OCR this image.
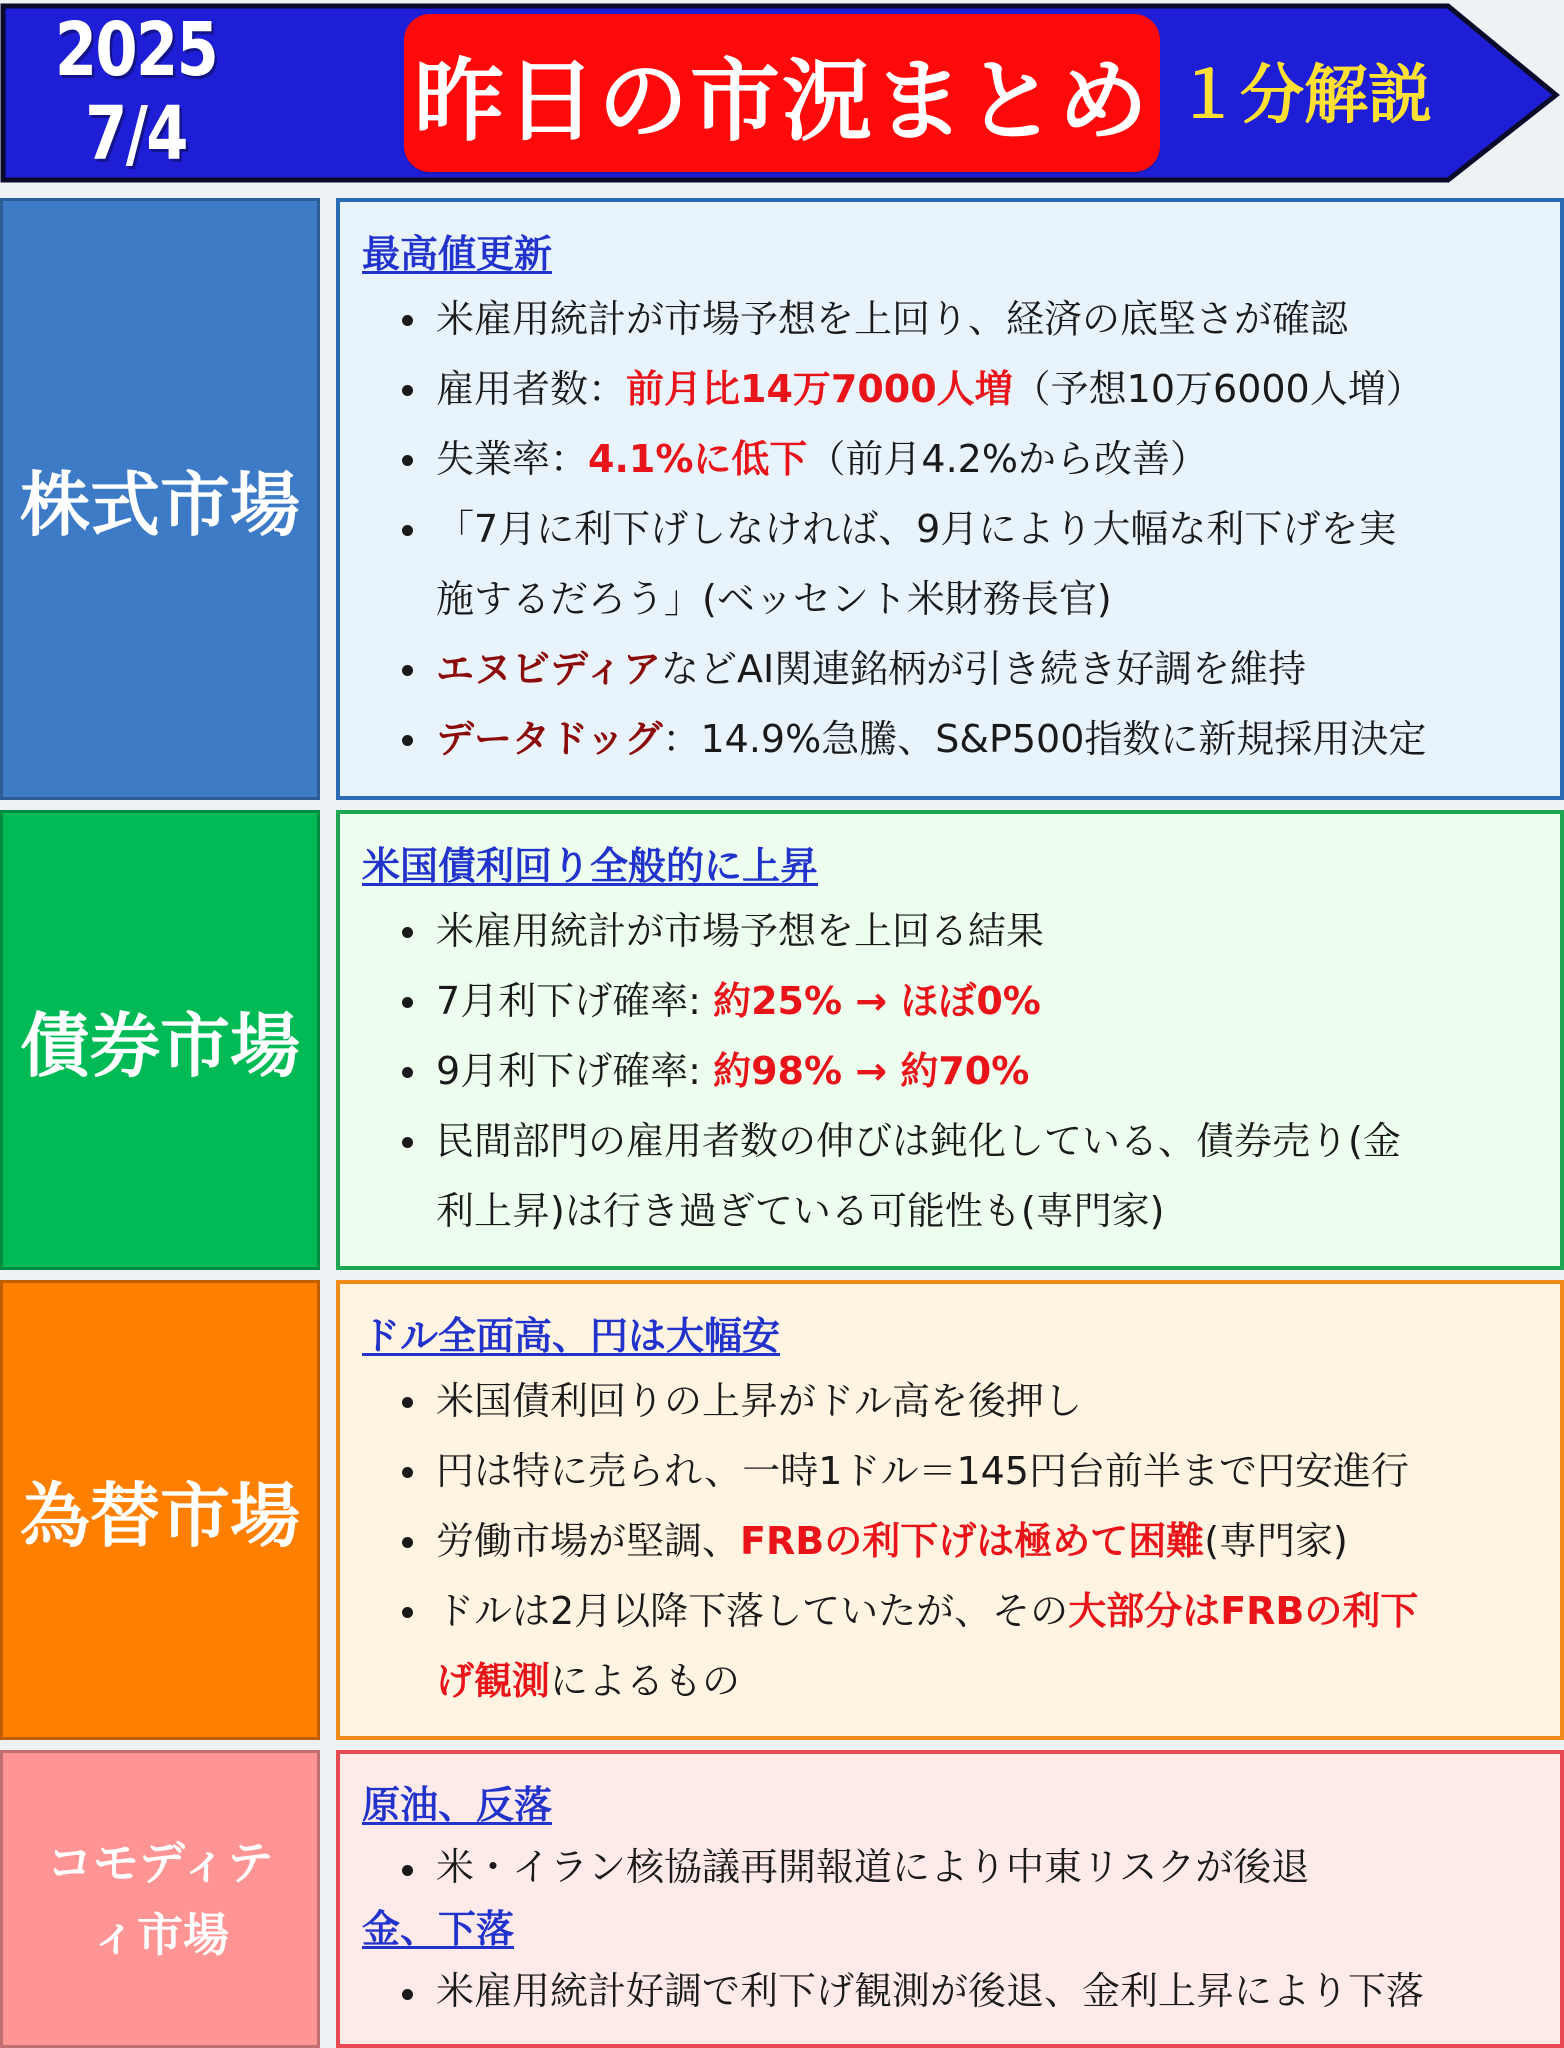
2025
7/4	昨日の市況まとめ １分解説
株式市場

最高値更新

米雇用統計が市場予想を上回り、経済の底堅さが確認
雇用者数：前月比14万7000人増（予想10万6000人増）
失業率：4.1%に低下（前月4.2%から改善）
「7月に利下げしなければ、9月により大幅な利下げを実
施するだろう」(ベッセント米財務長官)
エヌビディアなどAI関連銘柄が引き続き好調を維持
データドッグ：14.9%急騰、S&P500指数に新規採用決定
債券市場

米国債利回り全般的に上昇

米雇用統計が市場予想を上回る結果
7月利下げ確率: 約25% → ほぼ0%
9月利下げ確率: 約98% → 約70%
民間部門の雇用者数の伸びは鈍化している、債券売り(金
利上昇)は行き過ぎている可能性も(専門家)
為替市場

ドル全面高、円は大幅安

米国債利回りの上昇がドル高を後押し
円は特に売られ、一時1ドル＝145円台前半まで円安進行
労働市場が堅調、FRBの利下げは極めて困難(専門家)
ドルは2月以降下落していたが、その大部分はFRBの利下
げ観測によるもの
コモディテ
ィ市場

原油、反落

米・イラン核協議再開報道により中東リスクが後退

金、下落

米雇用統計好調で利下げ観測が後退、金利上昇により下落
